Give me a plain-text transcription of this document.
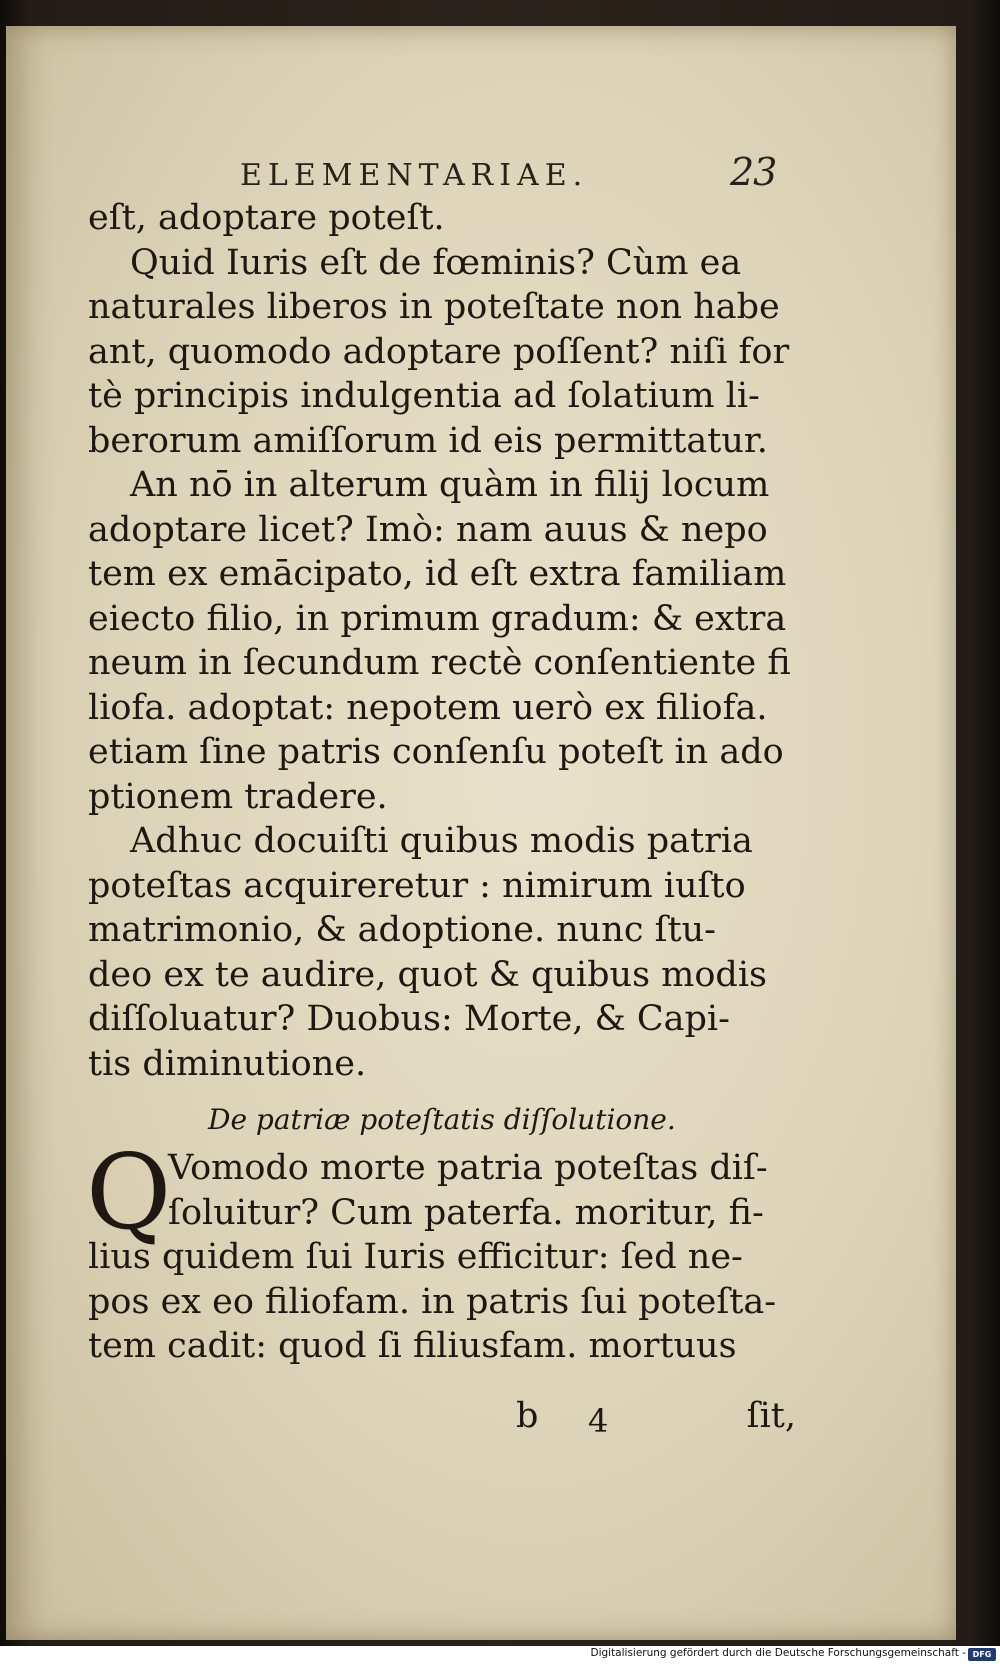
ELEMENTARIAE.	23
eſt, adoptare poteſt.
Quid Iuris eſt de fœminis? Cùm ea
naturales liberos in poteſtate non habe
ant, quomodo adoptare poſſent? niſi for
tè principis indulgentia ad ſolatium li-
berorum amiſſorum id eis permittatur.
An nō in alterum quàm in filij locum
adoptare licet? Imò: nam auus & nepo
tem ex emācipato, id eſt extra familiam
eiecto filio, in primum gradum: & extra
neum in ſecundum rectè conſentiente fi
liofa. adoptat: nepotem uerò ex filiofa.
etiam ſine patris conſenſu poteſt in ado
ptionem tradere.
Adhuc docuiſti quibus modis patria
poteſtas acquireretur : nimirum iuſto
matrimonio, & adoptione. nunc ſtu-
deo ex te audire, quot & quibus modis
diſſoluatur? Duobus: Morte, & Capi-
tis diminutione.
De patriæ poteſtatis diſſolutione.
Q
Vomodo morte patria poteſtas diſ-
ſoluitur? Cum paterfa. moritur, fi-
lius quidem ſui Iuris efficitur: ſed ne-
pos ex eo filiofam. in patris ſui poteſta-
tem cadit: quod ſi filiusfam. mortuus
b 4	ſit,
Digitalisierung gefördert durch die Deutsche Forschungsgemeinschaft - DFG
